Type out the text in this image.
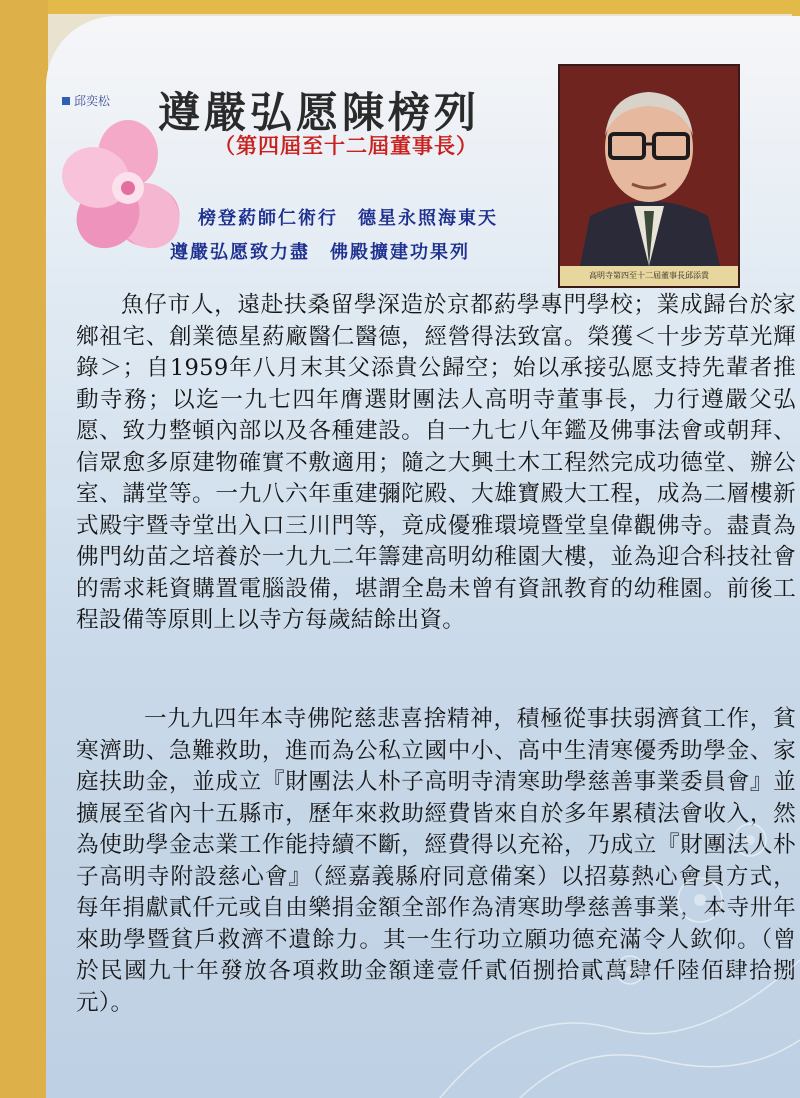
邱奕松 遵嚴弘愿陳榜列
（第四屆至十二屆董事長）
榜登葯師仁術行　德星永照海東天
遵嚴弘愿致力盡　佛殿擴建功果列
高明寺第四至十二屆董事長邱添貴

魚仔市人，遠赴扶桑留學深造於京都葯學專門學校；業成歸台於家鄉祖宅、創業德星葯廠醫仁醫德，經營得法致富。榮獲＜十步芳草光輝錄＞；自1959年八月末其父添貴公歸空；始以承接弘愿支持先輩者推動寺務；以迄一九七四年膺選財團法人高明寺董事長，力行遵嚴父弘愿、致力整頓內部以及各種建設。自一九七八年鑑及佛事法會或朝拜、信眾愈多原建物確實不敷適用；隨之大興土木工程然完成功德堂、辦公室、講堂等。一九八六年重建彌陀殿、大雄寶殿大工程，成為二層樓新式殿宇暨寺堂出入口三川門等，竟成優雅環境暨堂皇偉觀佛寺。盡責為佛門幼苗之培養於一九九二年籌建高明幼稚園大樓，並為迎合科技社會的需求耗資購置電腦設備，堪謂全島未曾有資訊教育的幼稚園。前後工程設備等原則上以寺方每歲結餘出資。

一九九四年本寺佛陀慈悲喜捨精神，積極從事扶弱濟貧工作，貧寒濟助、急難救助，進而為公私立國中小、高中生清寒優秀助學金、家庭扶助金，並成立『財團法人朴子高明寺清寒助學慈善事業委員會』並擴展至省內十五縣市，歷年來救助經費皆來自於多年累積法會收入，然為使助學金志業工作能持續不斷，經費得以充裕，乃成立『財團法人朴子高明寺附設慈心會』（經嘉義縣府同意備案）以招募熱心會員方式，每年捐獻貳仟元或自由樂捐金額全部作為清寒助學慈善事業，本寺卅年來助學暨貧戶救濟不遺餘力。其一生行功立願功德充滿令人欽仰。（曾於民國九十年發放各項救助金額達壹仟貳佰捌拾貳萬肆仟陸佰肆拾捌元）。
